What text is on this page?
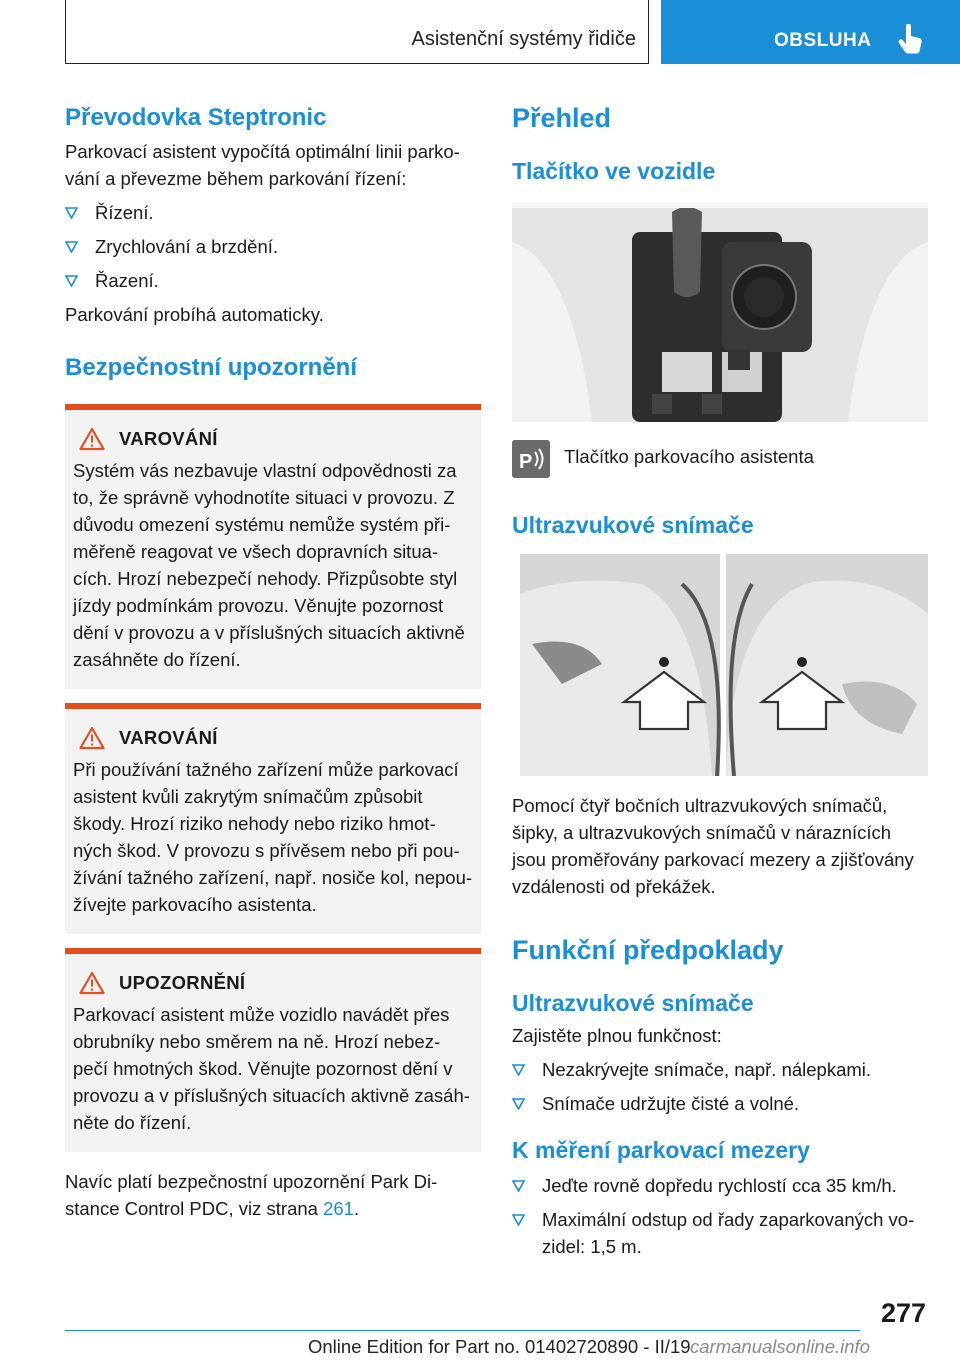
Asistenční systémy řidiče	OBSLUHA
Převodovka Steptronic

Parkovací asistent vypočítá optimální linii parko-vání a převezme během parkování řízení:

Řízení.
Zrychlování a brzdění.
Řazení.

Parkování probíhá automaticky.

Bezpečnostní upozornění
VAROVÁNÍ

Systém vás nezbavuje vlastní odpovědnosti za to, že správně vyhodnotíte situaci v provozu. Z důvodu omezení systému nemůže systém při-měřeně reagovat ve všech dopravních situa-cích. Hrozí nebezpečí nehody. Přizpůsobte styl jízdy podmínkám provozu. Věnujte pozornost dění v provozu a v příslušných situacích aktivně zasáhněte do řízení.

VAROVÁNÍ

Při používání tažného zařízení může parkovací asistent kvůli zakrytým snímačům způsobit škody. Hrozí riziko nehody nebo riziko hmot-ných škod. V provozu s přívěsem nebo při pou-žívání tažného zařízení, např. nosiče kol, nepou-žívejte parkovacího asistenta.

UPOZORNĚNÍ

Parkovací asistent může vozidlo navádět přes obrubníky nebo směrem na ně. Hrozí nebez-pečí hmotných škod. Věnujte pozornost dění v provozu a v příslušných situacích aktivně zasáh-něte do řízení.

Navíc platí bezpečnostní upozornění Park Di-stance Control PDC, viz strana 261.

Přehled
Tlačítko ve vozidle
P Tlačítko parkovacího asistenta

Ultrazvukové snímače

Pomocí čtyř bočních ultrazvukových snímačů, šipky, a ultrazvukových snímačů v náraznících jsou proměřovány parkovací mezery a zjišťovány vzdálenosti od překážek.

Funkční předpoklady
Ultrazvukové snímače

Zajistěte plnou funkčnost:

Nezakrývejte snímače, např. nálepkami.
Snímače udržujte čisté a volné.
K měření parkovací mezery
Jeďte rovně dopředu rychlostí cca 35 km/h.
Maximální odstup od řady zaparkovaných vo-zidel: 1,5 m.
277
Online Edition for Part no. 01402720890 - II/19 carmanualsonline.info
